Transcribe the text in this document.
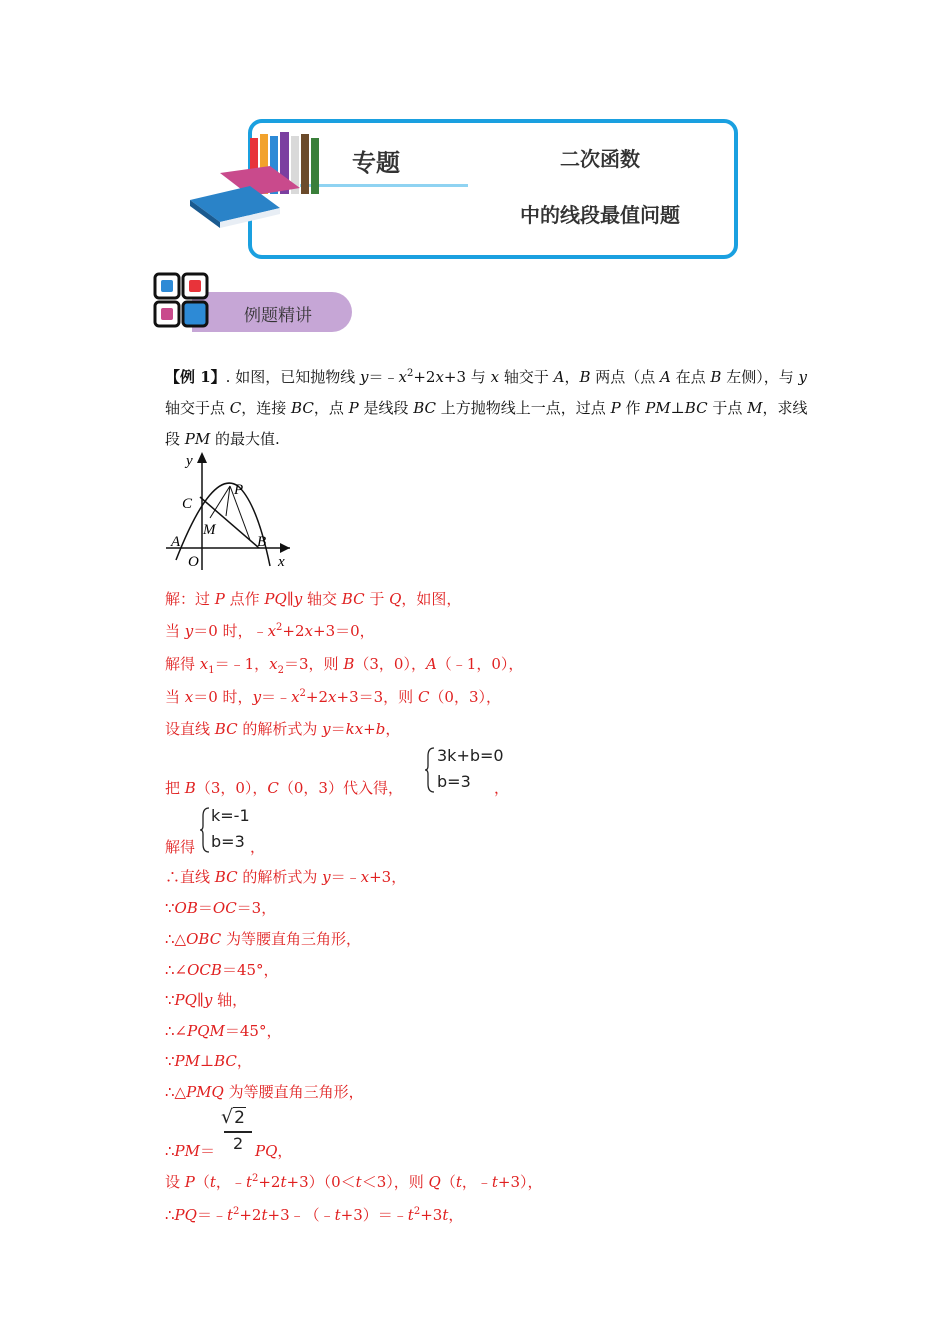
专题	二次函数
中的线段最值问题
例题精讲
【例 1】. 如图，已知抛物线 $y=﹣x^2+2x+3$ 与 x 轴交于 A，B 两点（点 A 在点 B 左侧），与 y 轴交于点 C，连接 BC，点 P 是线段 BC 上方抛物线上一点，过点 P 作 PM⊥BC 于点 M，求线段 PM 的最大值.
y
x
P
C
M
A
O
B
解：过 P 点作 PQ∥y 轴交 BC 于 Q，如图，
当 y＝0 时，$﹣x^2+2x+3=0$，
解得 $x_1=﹣1$，$x_2=3$，则 B（3，0），A（﹣1，0），
当 x＝0 时，$y=﹣x^2+2x+3=3$，则 C（0，3），
设直线 BC 的解析式为 y＝kx+b，
把 B（3，0），C（0，3）代入得，
3k+b=0
b=3 ，
解得
k=-1
b=3 ，
∴直线 BC 的解析式为 y＝﹣x+3，
∵OB＝OC＝3，
∴△OBC 为等腰直角三角形，
∴∠OCB＝45°，
∵PQ∥y 轴，
∴∠PQM＝45°，
∵PM⊥BC，
∴△PMQ 为等腰直角三角形，
∴PM＝
√2
2 PQ，
设 P（t，$﹣t^2+2t+3)(0<t<3)$，则 Q（t，﹣t+3），
$\therefore PQ=﹣t^2+2t+3﹣(﹣t+3)=﹣t^2+3t$，
